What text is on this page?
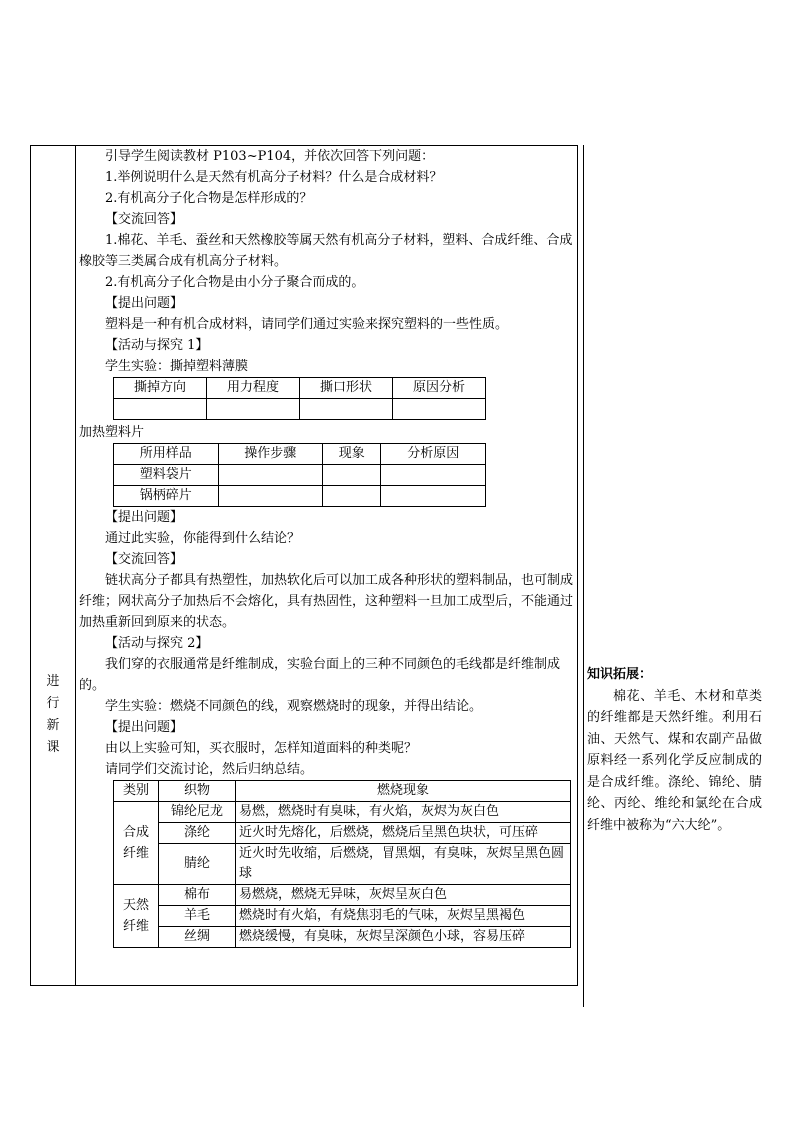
进
行
新
课

引导学生阅读教材 P103~P104，并依次回答下列问题：

1.举例说明什么是天然有机高分子材料？什么是合成材料？

2.有机高分子化合物是怎样形成的？

【交流回答】

1.棉花、羊毛、蚕丝和天然橡胶等属天然有机高分子材料，塑料、合成纤维、合成橡胶等三类属合成有机高分子材料。

2.有机高分子化合物是由小分子聚合而成的。

【提出问题】

塑料是一种有机合成材料，请同学们通过实验来探究塑料的一些性质。

【活动与探究 1】

学生实验：撕掉塑料薄膜

撕掉方向	用力程度	撕口形状	原因分析

加热塑料片

所用样品	操作步骤	现象	分析原因
塑料袋片			
锅柄碎片			

【提出问题】

通过此实验，你能得到什么结论？

【交流回答】

链状高分子都具有热塑性，加热软化后可以加工成各种形状的塑料制品，也可制成纤维；网状高分子加热后不会熔化，具有热固性，这种塑料一旦加工成型后，不能通过加热重新回到原来的状态。

【活动与探究 2】

我们穿的衣服通常是纤维制成，实验台面上的三种不同颜色的毛线都是纤维制成的。

学生实验：燃烧不同颜色的线，观察燃烧时的现象，并得出结论。

【提出问题】

由以上实验可知，买衣服时，怎样知道面料的种类呢？

请同学们交流讨论，然后归纳总结。

类别	织物	燃烧现象
合成纤维	锦纶尼龙	易燃，燃烧时有臭味，有火焰，灰烬为灰白色
	涤纶	近火时先熔化，后燃烧，燃烧后呈黑色块状，可压碎
	腈纶	近火时先收缩，后燃烧，冒黑烟，有臭味，灰烬呈黑色圆球
天然纤维	棉布	易燃烧，燃烧无异味，灰烬呈灰白色
	羊毛	燃烧时有火焰，有烧焦羽毛的气味，灰烬呈黑褐色
	丝绸	燃烧缓慢，有臭味，灰烬呈深颜色小球，容易压碎
知识拓展：
棉花、羊毛、木材和草类的纤维都是天然纤维。利用石油、天然气、煤和农副产品做原料经一系列化学反应制成的是合成纤维。涤纶、锦纶、腈纶、丙纶、维纶和氯纶在合成纤维中被称为“六大纶”。
